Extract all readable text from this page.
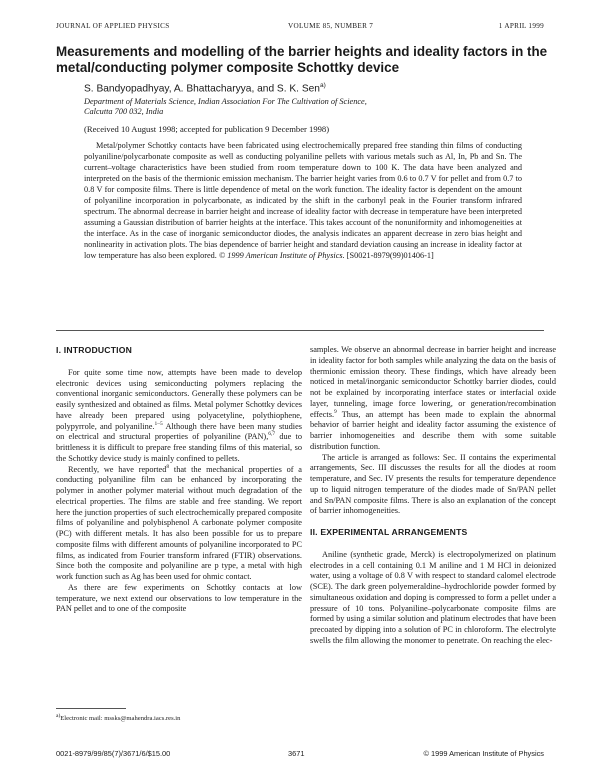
JOURNAL OF APPLIED PHYSICS	VOLUME 85, NUMBER 7	1 APRIL 1999
Measurements and modelling of the barrier heights and ideality factors in the metal/conducting polymer composite Schottky device
S. Bandyopadhyay, A. Bhattacharyya, and S. K. Sen$^{a)}$
Department of Materials Science, Indian Association For The Cultivation of Science,
Calcutta 700 032, India
(Received 10 August 1998; accepted for publication 9 December 1998)

Metal/polymer Schottky contacts have been fabricated using electrochemically prepared free standing thin films of conducting polyaniline/polycarbonate composite as well as conducting polyaniline pellets with various metals such as Al, In, Pb and Sn. The current–voltage characteristics have been studied from room temperature down to 100 K. The data have been analyzed and interpreted on the basis of the thermionic emission mechanism. The barrier height varies from 0.6 to 0.7 V for pellet and from 0.7 to 0.8 V for composite films. There is little dependence of metal on the work function. The ideality factor is dependent on the amount of polyaniline incorporation in polycarbonate, as indicated by the shift in the carbonyl peak in the Fourier transform infrared spectrum. The abnormal decrease in barrier height and increase of ideality factor with decrease in temperature have been interpreted assuming a Gaussian distribution of barrier heights at the interface. This takes account of the nonuniformity and inhomogeneities at the interface. As in the case of inorganic semiconductor diodes, the analysis indicates an apparent decrease in zero bias height and nonlinearity in activation plots. The bias dependence of barrier height and standard deviation causing an increase in ideality factor at low temperature has also been explored. © 1999 American Institute of Physics. [S0021-8979(99)01406-1]

I. INTRODUCTION

For quite some time now, attempts have been made to develop electronic devices using semiconducting polymers replacing the conventional inorganic semiconductors. Generally these polymers can be easily synthesized and obtained as films. Metal polymer Schottky devices have already been prepared using polyacetyline, polythiophene, polypyrrole, and polyaniline.$^{1-5}$ Although there have been many studies on electrical and structural properties of polyaniline (PAN),$^{6,7}$ due to brittleness it is difficult to prepare free standing films of this material, so the Schottky device study is mainly confined to pellets.

Recently, we have reported$^8$ that the mechanical properties of a conducting polyaniline film can be enhanced by incorporating the polymer in another polymer material without much degradation of the electrical properties. The films are stable and free standing. We report here the junction properties of such electrochemically prepared composite films of polyaniline and polybisphenol A carbonate polymer composite (PC) with different metals. It has also been possible for us to prepare composite films with different amounts of polyaniline incorporated to PC films, as indicated from Fourier transform infrared (FTIR) observations. Since both the composite and polyaniline are p type, a metal with high work function such as Ag has been used for ohmic contact.

As there are few experiments on Schottky contacts at low temperature, we next extend our observations to low temperature in the PAN pellet and to one of the composite

samples. We observe an abnormal decrease in barrier height and increase in ideality factor for both samples while analyzing the data on the basis of thermionic emission theory. These findings, which have already been noticed in metal/inorganic semiconductor Schottky barrier diodes, could not be explained by incorporating interface states or interfacial oxide layer, tunneling, image force lowering, or generation/recombination effects.$^9$ Thus, an attempt has been made to explain the abnormal behavior of barrier height and ideality factor assuming the existence of barrier inhomogeneities and describe them with some suitable distribution function.

The article is arranged as follows: Sec. II contains the experimental arrangements, Sec. III discusses the results for all the diodes at room temperature, and Sec. IV presents the results for temperature dependence up to liquid nitrogen temperature of the diodes made of Sn/PAN pellet and Sn/PAN composite films. There is also an explanation of the concept of barrier inhomogeneities.

II. EXPERIMENTAL ARRANGEMENTS

Aniline (synthetic grade, Merck) is electropolymerized on platinum electrodes in a cell containing 0.1 M aniline and 1 M HCl in deionized water, using a voltage of 0.8 V with respect to standard calomel electrode (SCE). The dark green polyemeraldine–hydrochloride powder formed by simultaneous oxidation and doping is compressed to form a pellet under a pressure of 10 tons. Polyaniline–polycarbonate composite films are formed by using a similar solution and platinum electrodes that have been precoated by dipping into a solution of PC in chloroform. The electrolyte swells the film allowing the monomer to penetrate. On reaching the elec-

$^{a)}$Electronic mail: mssks@mahendra.iacs.res.in
0021-8979/99/85(7)/3671/6/$15.00	3671	© 1999 American Institute of Physics
